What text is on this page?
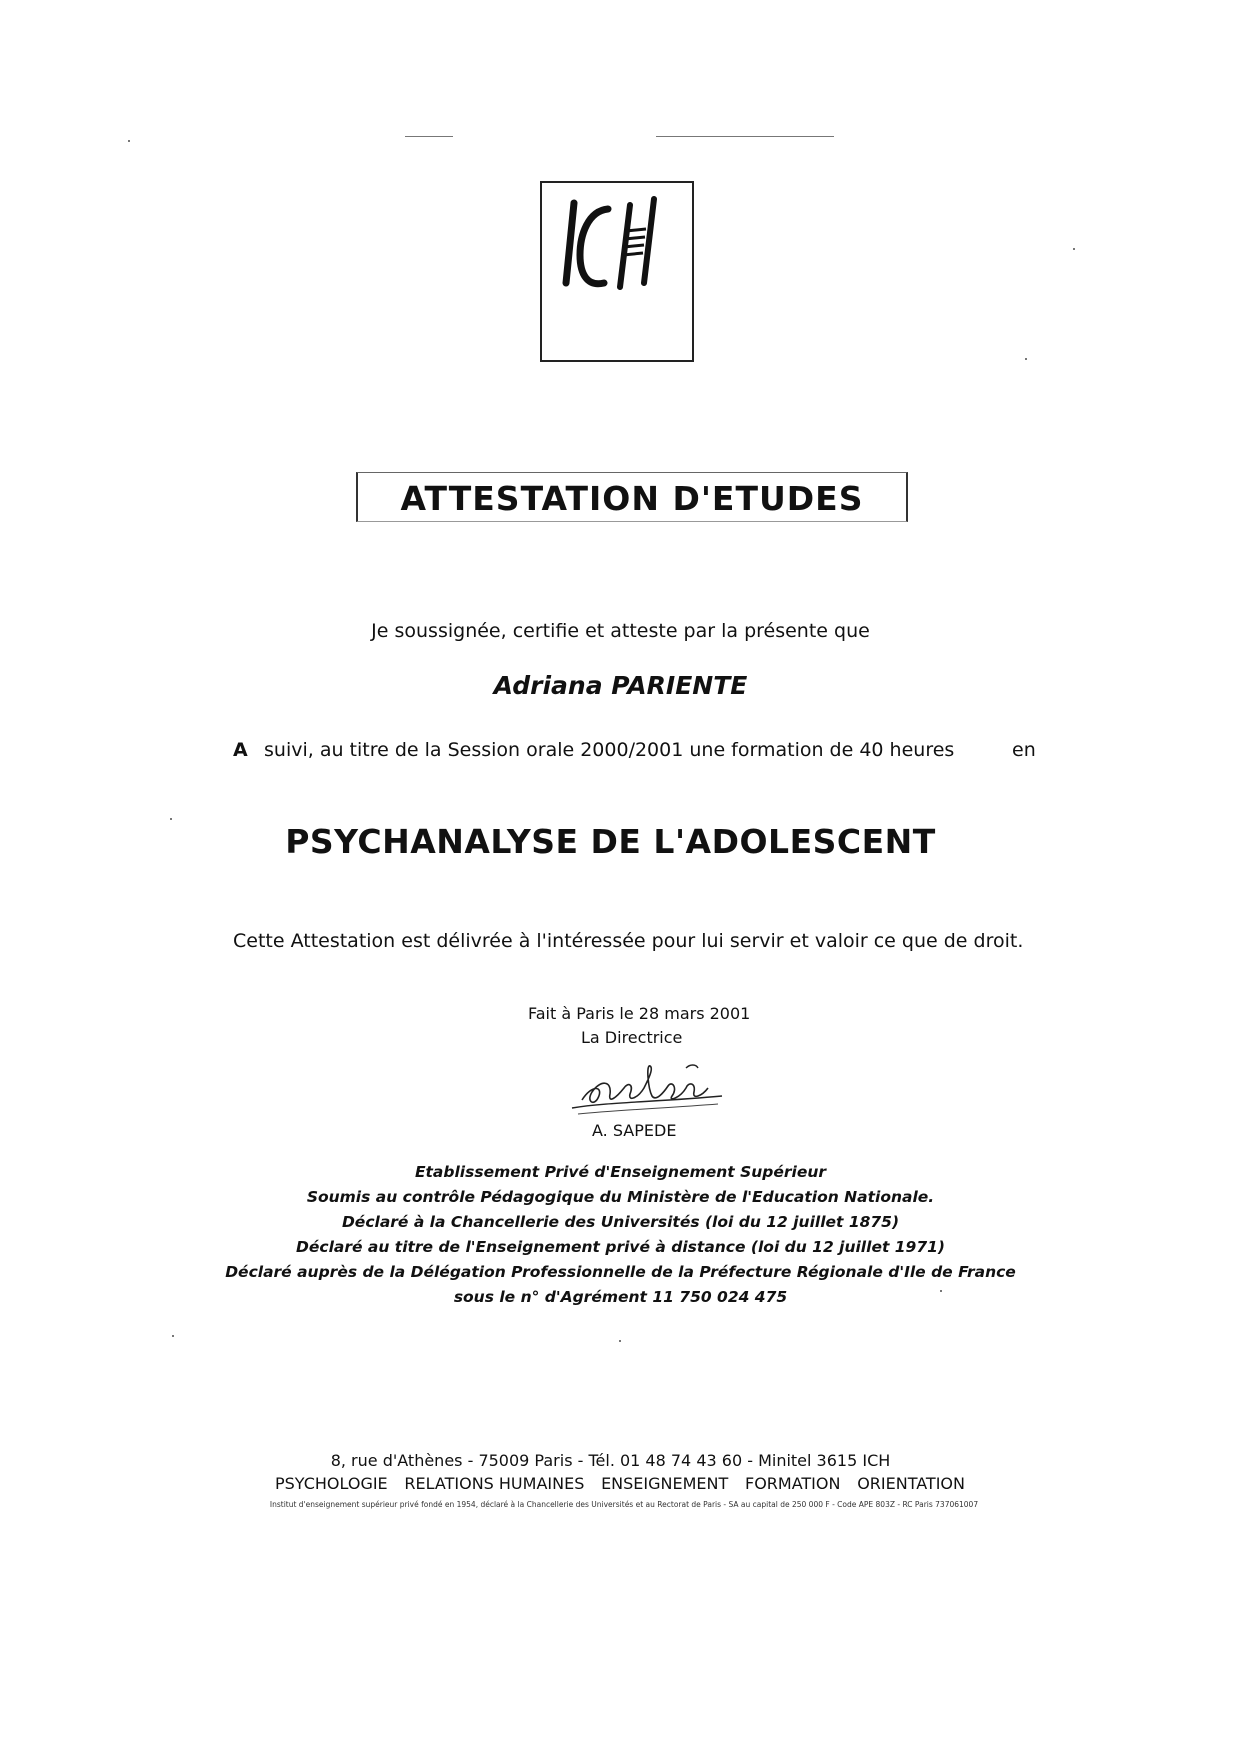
ATTESTATION D'ETUDES
Je soussignée, certifie et atteste par la présente que
Adriana PARIENTE
A suivi, au titre de la Session orale 2000/2001 une formation de 40 heures	en
PSYCHANALYSE DE L'ADOLESCENT
Cette Attestation est délivrée à l'intéressée pour lui servir et valoir ce que de droit.
Fait à Paris le 28 mars 2001
La Directrice
A. SAPEDE
Etablissement Privé d'Enseignement Supérieur
Soumis au contrôle Pédagogique du Ministère de l'Education Nationale.
Déclaré à la Chancellerie des Universités (loi du 12 juillet 1875)
Déclaré au titre de l'Enseignement privé à distance (loi du 12 juillet 1971)
Déclaré auprès de la Délégation Professionnelle de la Préfecture Régionale d'Ile de France
sous le n° d'Agrément 11 750 024 475
8, rue d'Athènes - 75009 Paris - Tél. 01 48 74 43 60 - Minitel 3615 ICH
PSYCHOLOGIE RELATIONS HUMAINES ENSEIGNEMENT FORMATION ORIENTATION
Institut d'enseignement supérieur privé fondé en 1954, déclaré à la Chancellerie des Universités et au Rectorat de Paris - SA au capital de 250 000 F - Code APE 803Z - RC Paris 737061007
